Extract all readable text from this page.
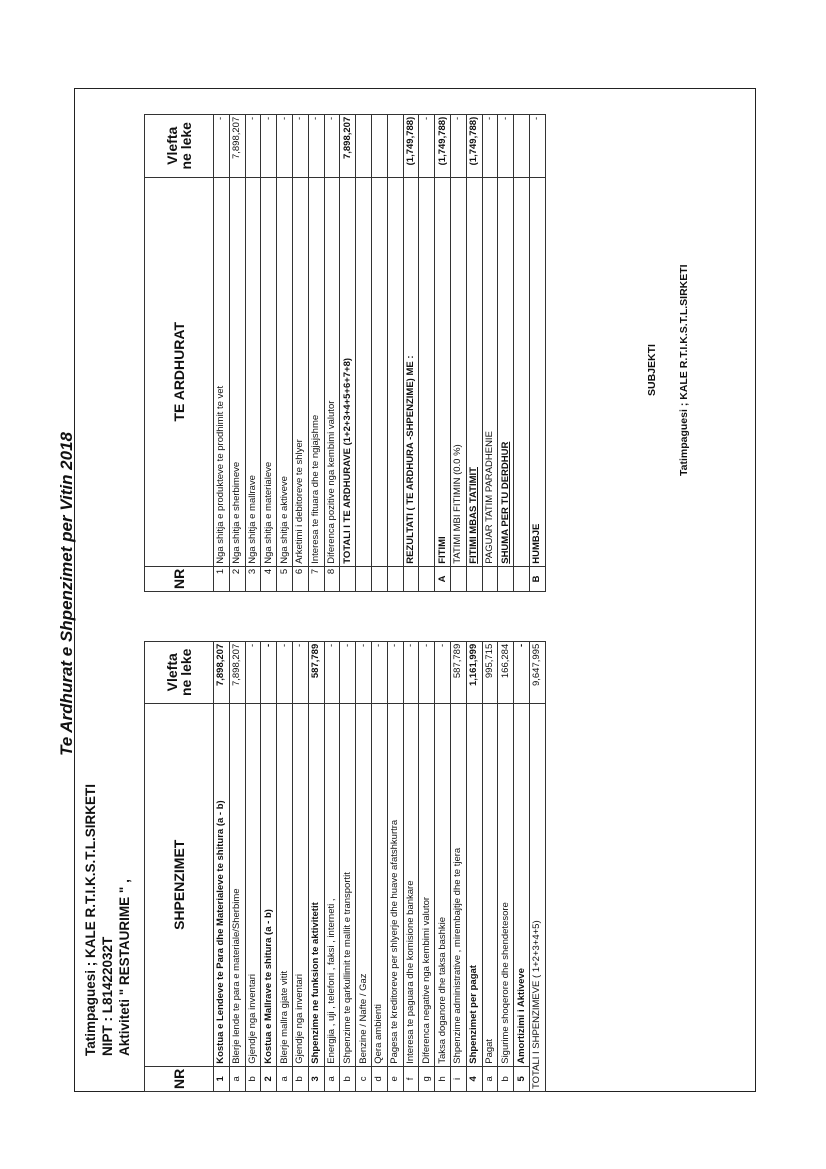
Te Ardhurat e Shpenzimet per Vitin 2018
Tatimpaguesi ; KALE R.T.I.K.S.T.L.SIRKETI NIPT : L81422032T Aktiviteti " RESTAURIME " ,
NR	SHPENZIMET	Vlefta
ne leke

1	Kostua e Lendeve te Para dhe Materialeve te shitura (a - b)	7,898,207
a	Blerje lende te para e materiale/Sherbime	7,898,207
b	Gjendje nga inventari	-
2	Kostua e Mallrave te shitura (a - b)	-
a	Blerje mallra gjate vitit	-
b	Gjendje nga inventari	-
3	Shpenzime ne funksion te aktivitetit	587,789
a	Energjia , uji , telefoni , faksi , interneti ,	-
b	Shpenzime te qarkullimit te mallit e transportit	-
c	Benzine / Nafte / Gaz	-
d	Qera ambienti	-
e	Pagesa te kreditoreve per shlyerje dhe huave afatshkurtra	-
f	Interesa te paguara dhe komisione bankare	-
g	Diferenca negative nga kembimi valutor	-
h	Taksa doganore dhe taksa bashkie	-
i	Shpenzime administrative , mirembajtje dhe te tjera	587,789
4	Shpenzimet per pagat	1,161,999
a	Pagat	995,715
b	Sigurime shoqerore dhe shendetesore	166,284
5	Amortizimi i Aktiveve	-
TOTALI I SHPENZIMEVE ( 1+2+3+4+5)		9,647,995
NR	TE ARDHURAT	Vlefta
ne leke

1	Nga shitja e produkteve te prodhimit te vet	-
2	Nga shitja e sherbimeve	7,898,207
3	Nga shitja e mallrave	-
4	Nga shitja e materialeve	-
5	Nga shitja e aktiveve	-
6	Arketimi i debitoreve te shlyer	-
7	Interesa te fituara dhe te ngjajshme	-
8	Diferenca pozitive nga kembimi valutor	-
	TOTALI I TE ARDHURAVE (1+2+3+4+5+6+7+8)	7,898,207

	REZULTATI ( TE ARDHURA -SHPENZIME) ME :	(1,749,788)
		-
A	FITIMI	(1,749,788)
	TATIMI MBI FITIMIN (0.0 %)	-
	FITIMI MBAS TATIMIT	(1,749,788)
	PAGUAR TATIM PARADHENIE	-
	SHUMA PER TU DERDHUR	-

B	HUMBJE	-
SUBJEKTI Tatimpaguesi ; KALE R.T.I.K.S.T.L.SIRKETI
